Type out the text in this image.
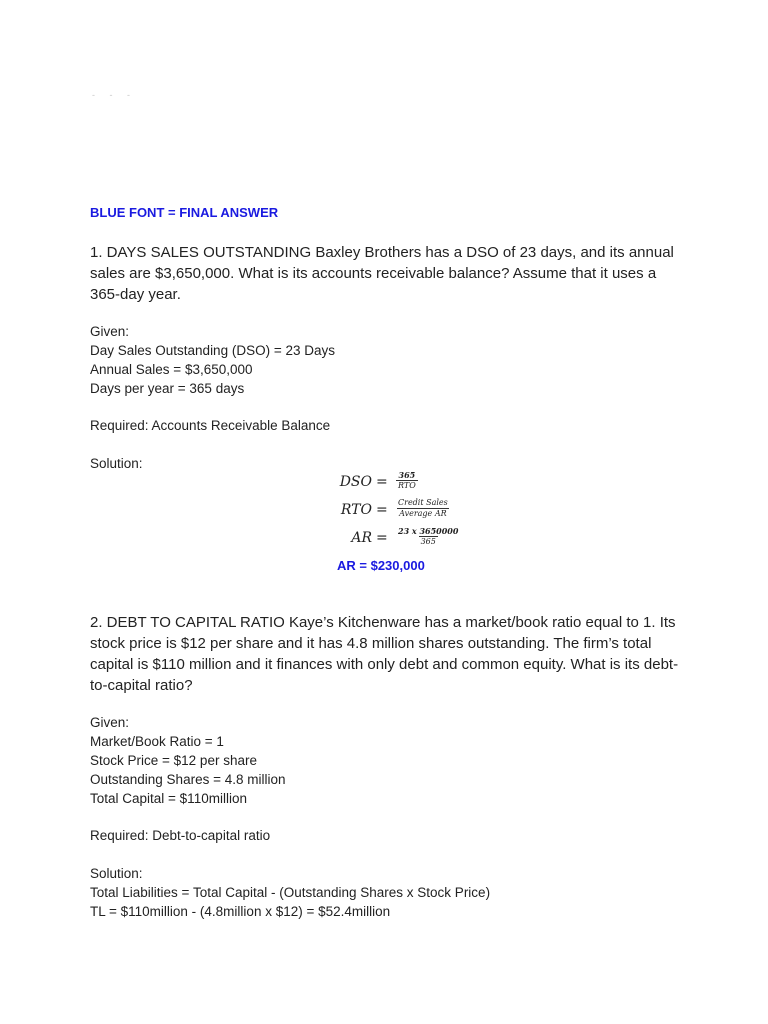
- - -
BLUE FONT = FINAL ANSWER
1. DAYS SALES OUTSTANDING Baxley Brothers has a DSO of 23 days, and its annual sales are $3,650,000. What is its accounts receivable balance? Assume that it uses a 365-day year.
Given:
Day Sales Outstanding (DSO) = 23 Days
Annual Sales = $3,650,000
Days per year = 365 days
Required: Accounts Receivable Balance
Solution:
DSO = 365
RTO
RTO = Credit Sales
Average AR
AR = $\frac{23 x 3650000}{365}$
AR = $230,000
2. DEBT TO CAPITAL RATIO Kaye’s Kitchenware has a market/book ratio equal to 1. Its stock price is $12 per share and it has 4.8 million shares outstanding. The firm’s total capital is $110 million and it finances with only debt and common equity. What is its debt-to-capital ratio?
Given:
Market/Book Ratio = 1
Stock Price = $12 per share
Outstanding Shares = 4.8 million
Total Capital = $110million
Required: Debt-to-capital ratio
Solution:
Total Liabilities = Total Capital - (Outstanding Shares x Stock Price)
TL = $110million - (4.8million x $12) = $52.4million
